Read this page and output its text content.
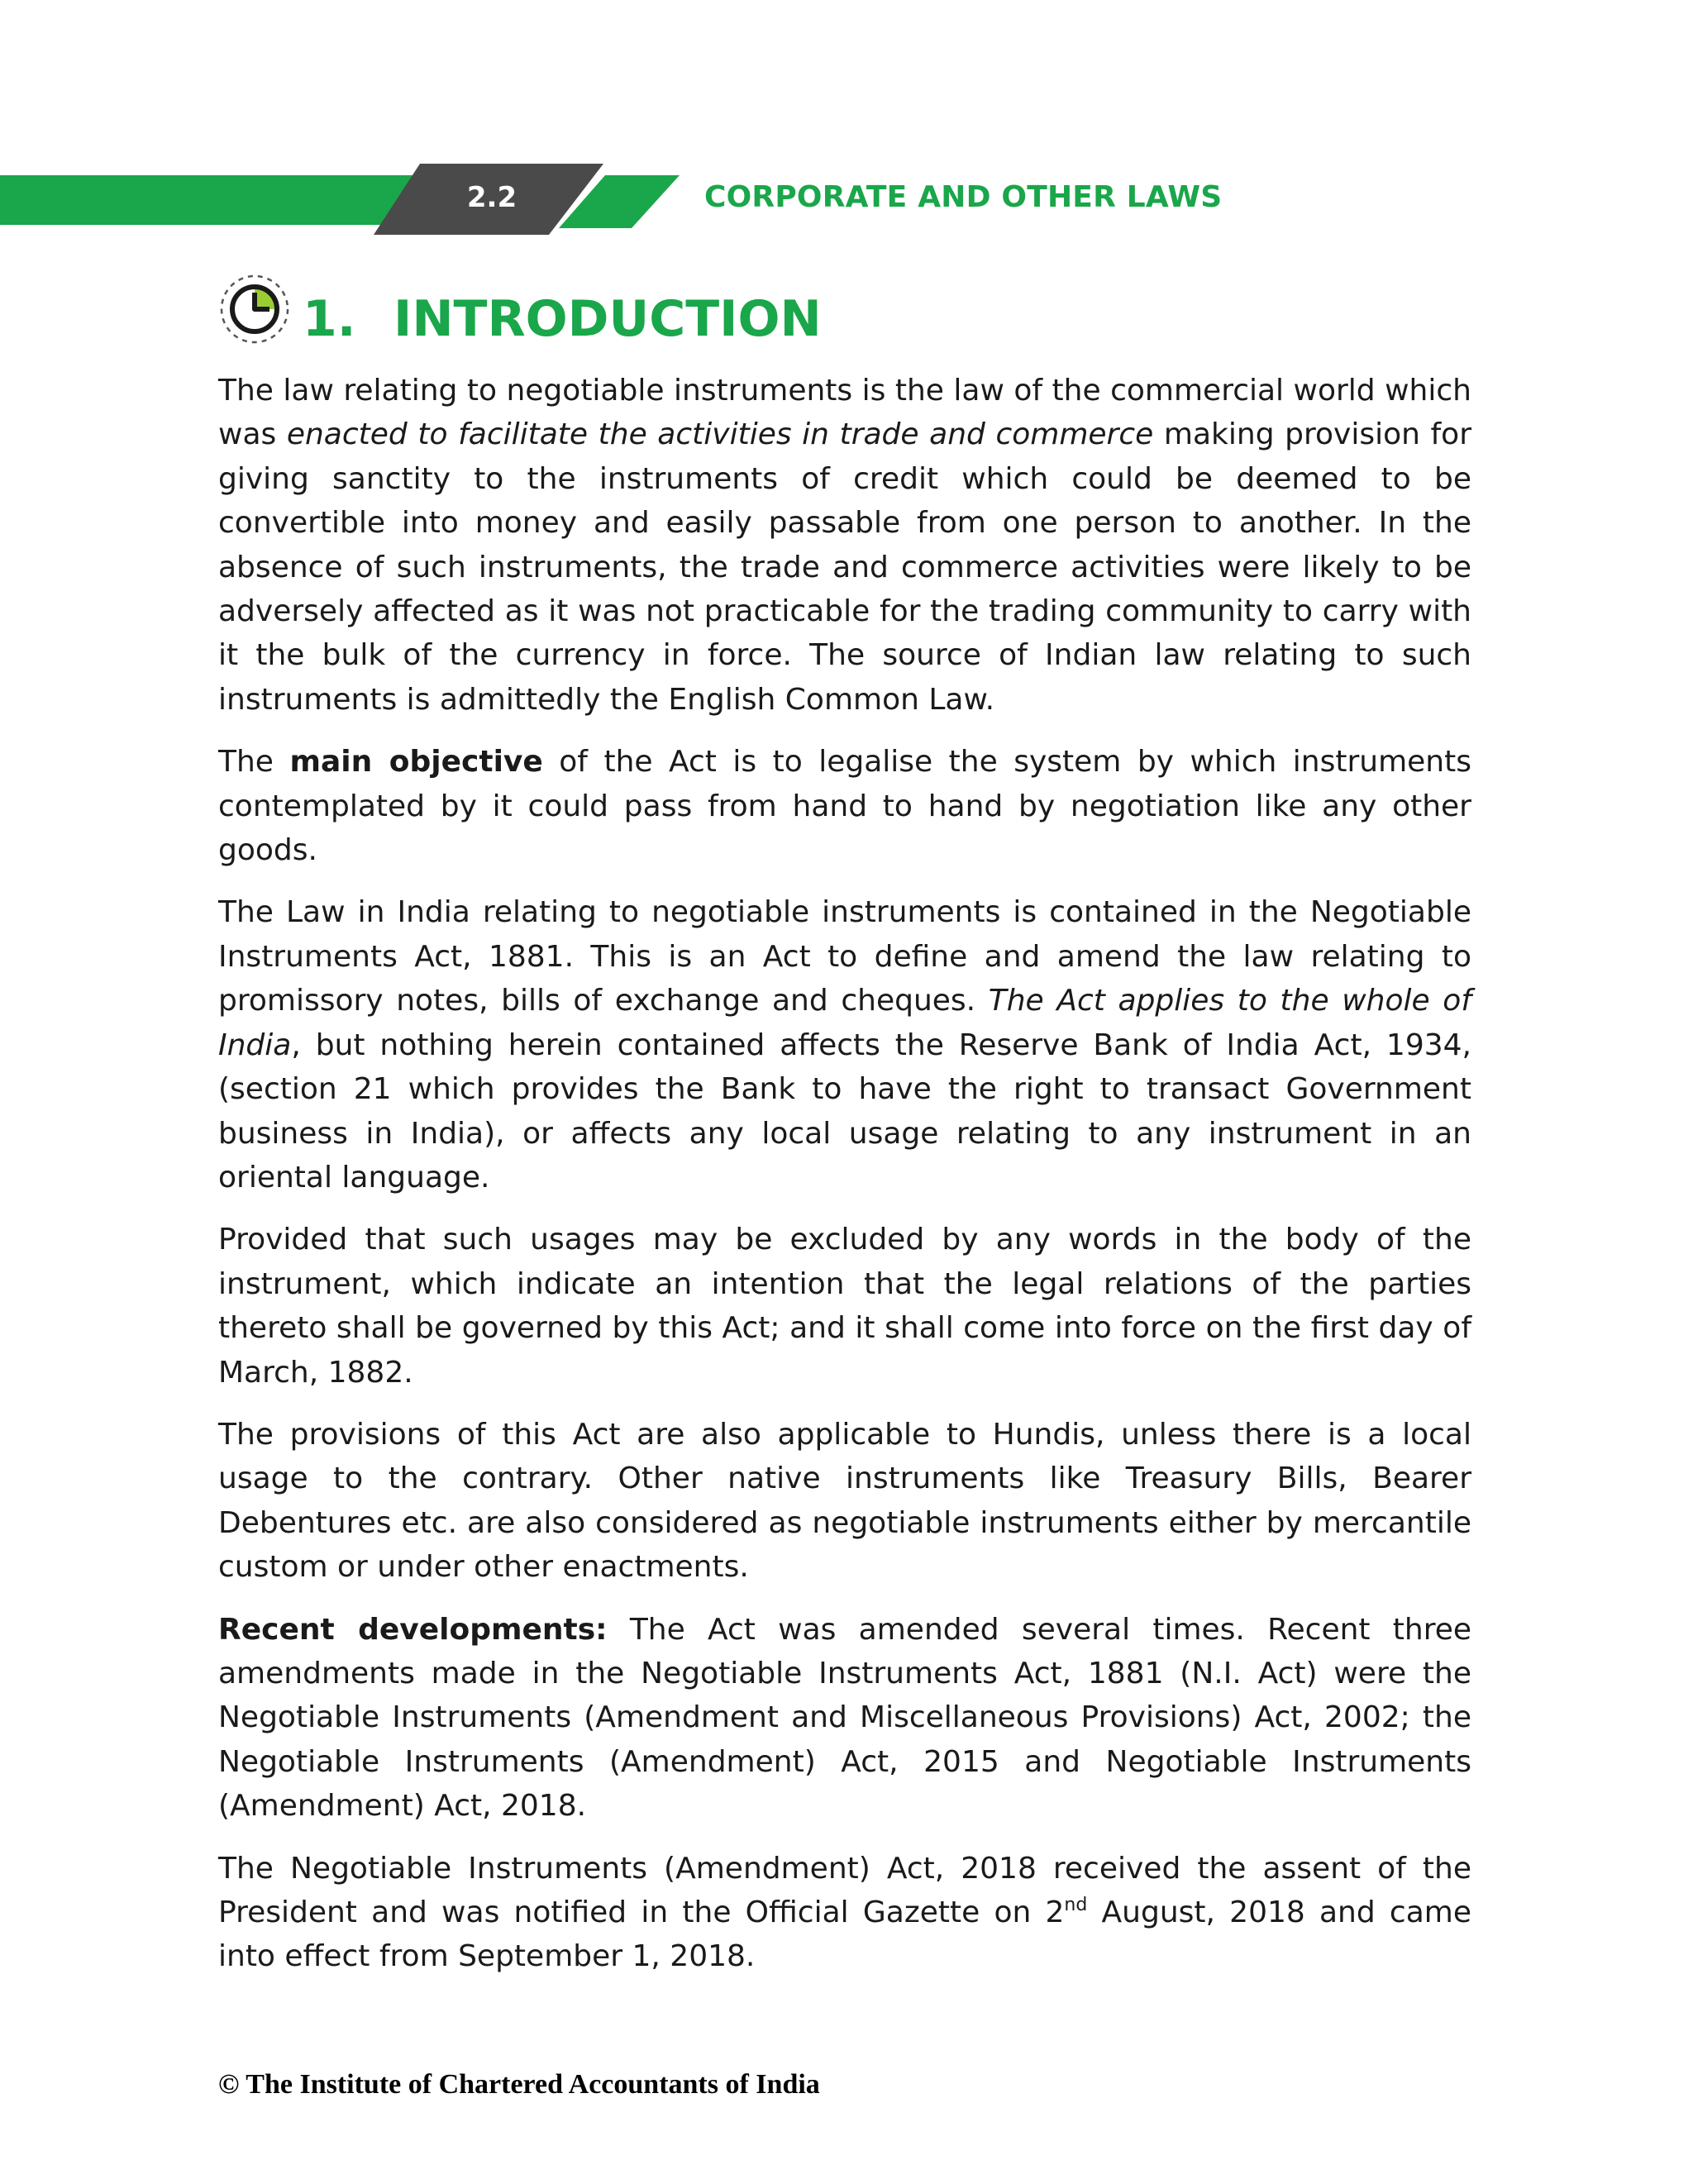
2.2	CORPORATE AND OTHER LAWS
1. INTRODUCTION

The law relating to negotiable instruments is the law of the commercial world which was enacted to facilitate the activities in trade and commerce making provision for giving sanctity to the instruments of credit which could be deemed to be convertible into money and easily passable from one person to another. In the absence of such instruments, the trade and commerce activities were likely to be adversely affected as it was not practicable for the trading community to carry with it the bulk of the currency in force. The source of Indian law relating to such instruments is admittedly the English Common Law.

The main objective of the Act is to legalise the system by which instruments contemplated by it could pass from hand to hand by negotiation like any other goods.

The Law in India relating to negotiable instruments is contained in the Negotiable Instruments Act, 1881. This is an Act to define and amend the law relating to promissory notes, bills of exchange and cheques. The Act applies to the whole of India, but nothing herein contained affects the Reserve Bank of India Act, 1934, (section 21 which provides the Bank to have the right to transact Government business in India), or affects any local usage relating to any instrument in an oriental language.

Provided that such usages may be excluded by any words in the body of the instrument, which indicate an intention that the legal relations of the parties thereto shall be governed by this Act; and it shall come into force on the first day of March, 1882.

The provisions of this Act are also applicable to Hundis, unless there is a local usage to the contrary. Other native instruments like Treasury Bills, Bearer Debentures etc. are also considered as negotiable instruments either by mercantile custom or under other enactments.

Recent developments: The Act was amended several times. Recent three amendments made in the Negotiable Instruments Act, 1881 (N.I. Act) were the Negotiable Instruments (Amendment and Miscellaneous Provisions) Act, 2002; the Negotiable Instruments (Amendment) Act, 2015 and Negotiable Instruments (Amendment) Act, 2018.

The Negotiable Instruments (Amendment) Act, 2018 received the assent of the President and was notified in the Official Gazette on 2nd August, 2018 and came into effect from September 1, 2018.

© The Institute of Chartered Accountants of India
